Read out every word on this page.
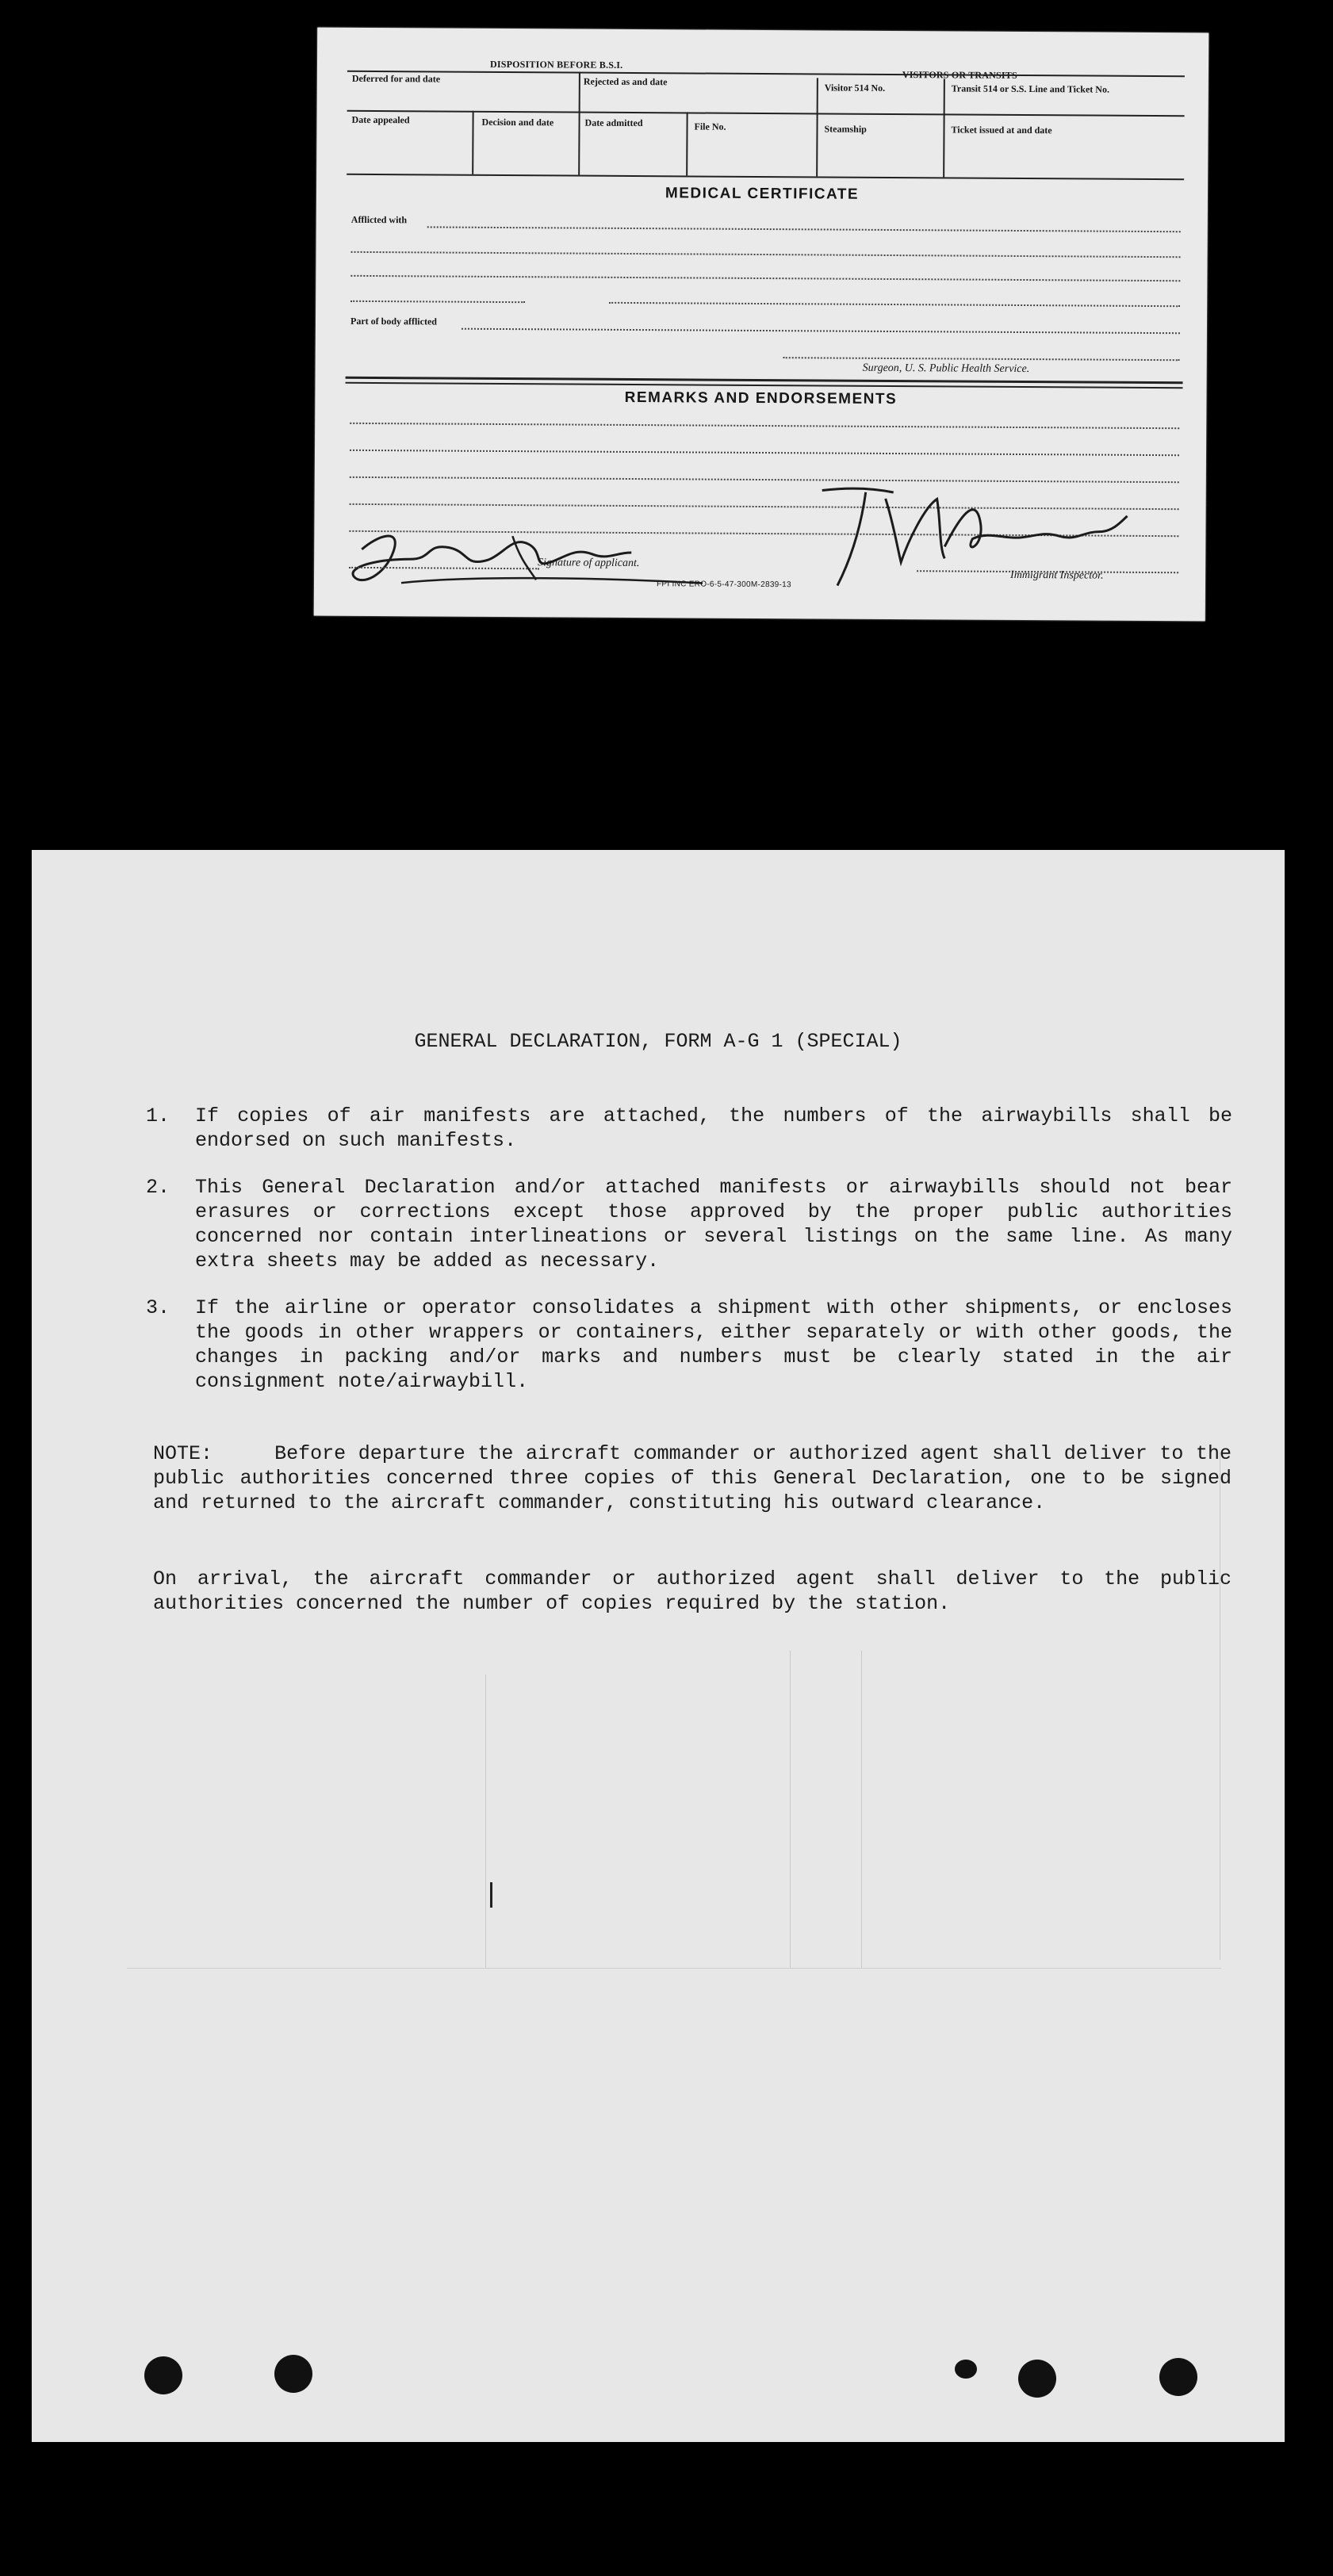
DISPOSITION BEFORE B.S.I.
Deferred for and date	Rejected as and date
Visitor 514 No.	Transit 514 or S.S. Line and Ticket No.
Date appealed	Decision and date	Date admitted	File No.	Steamship	Ticket issued at and date
MEDICAL CERTIFICATE
Afflicted with
Part of body afflicted
Surgeon, U. S. Public Health Service.
REMARKS AND ENDORSEMENTS
Signature of applicant.
Immigrant Inspector.
FPI INC ERO-6-5-47-300M-2839-13
GENERAL DECLARATION, FORM A-G 1 (SPECIAL)
1. If copies of air manifests are attached, the numbers of the airwaybills shall be endorsed on such manifests.
2. This General Declaration and/or attached manifests or airwaybills should not bear erasures or corrections except those approved by the proper public authorities concerned nor contain interlineations or several listings on the same line. As many extra sheets may be added as necessary.
3. If the airline or operator consolidates a shipment with other shipments, or encloses the goods in other wrappers or containers, either separately or with other goods, the changes in packing and/or marks and numbers must be clearly stated in the air consignment note/airwaybill.
NOTE:     Before departure the aircraft commander or authorized agent shall deliver to the public authorities concerned three copies of this General Declaration, one to be signed and returned to the aircraft commander, constituting his outward clearance.
On arrival, the aircraft commander or authorized agent shall deliver to the public authorities concerned the number of copies required by the station.
